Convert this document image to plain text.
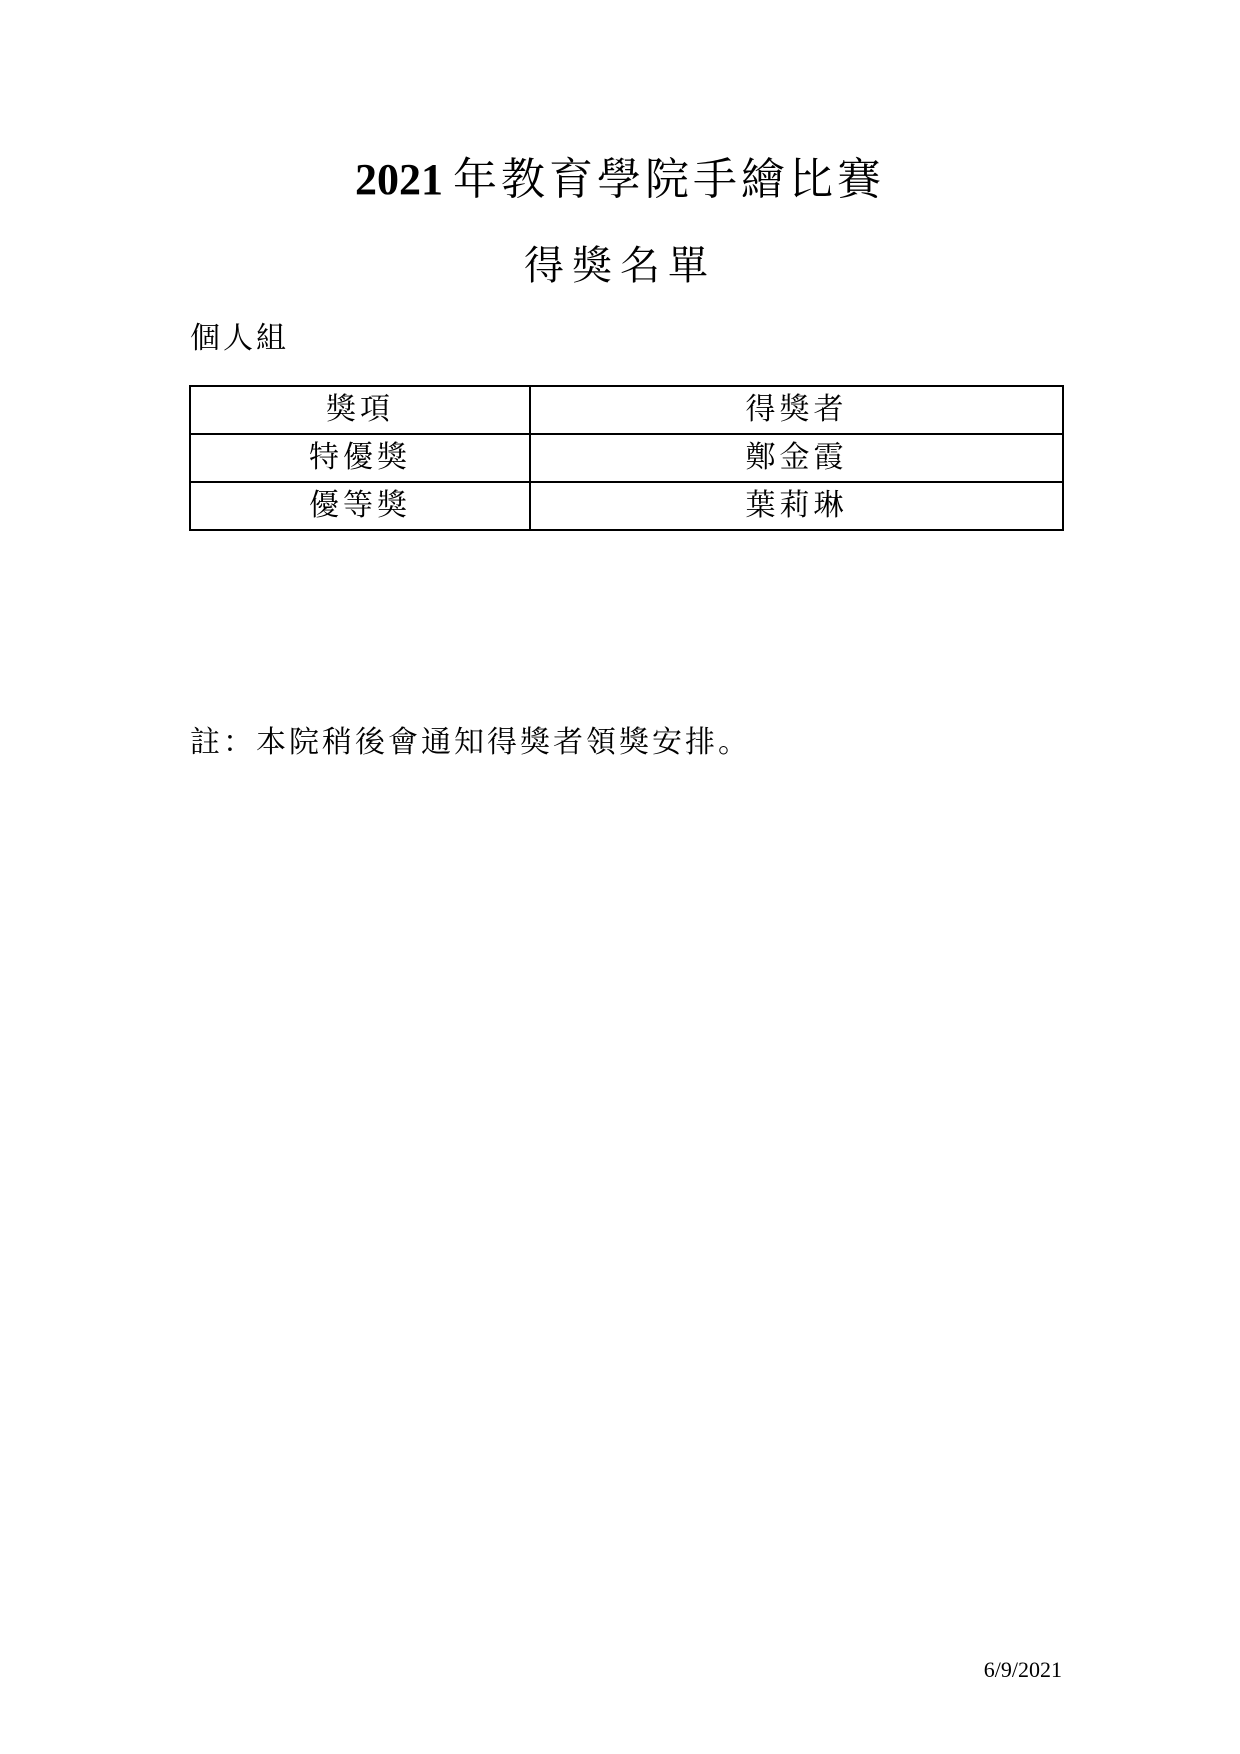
2021 年教育學院手繪比賽
得獎名單
個人組
獎項	得獎者
特優獎	鄭金霞
優等獎	葉莉琳
註：本院稍後會通知得獎者領獎安排。
6/9/2021
